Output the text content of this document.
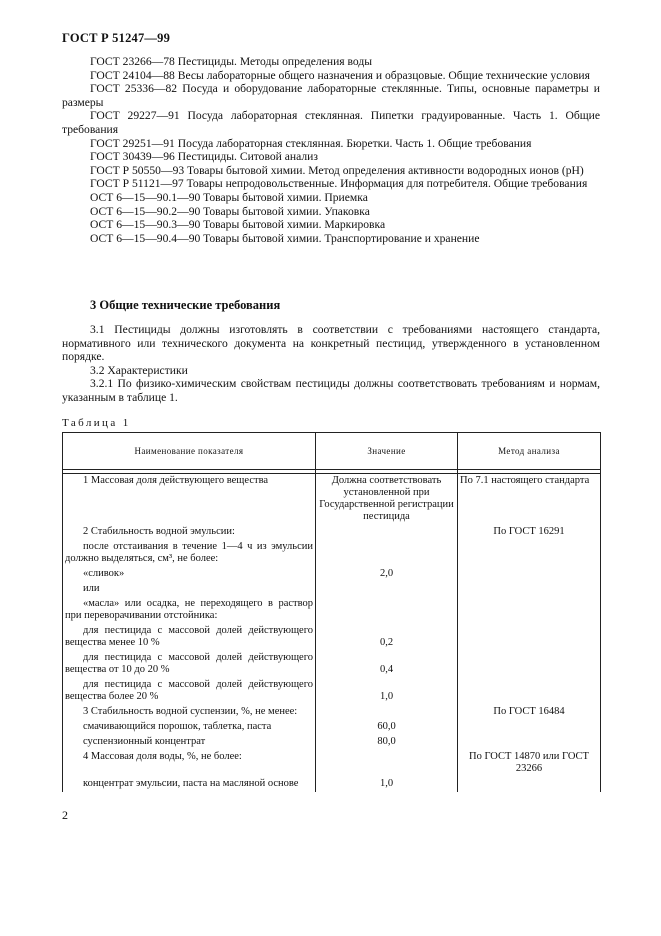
ГОСТ Р 51247—99

ГОСТ 23266—78 Пестициды. Методы определения воды

ГОСТ 24104—88 Весы лабораторные общего назначения и образцовые. Общие технические условия

ГОСТ 25336—82 Посуда и оборудование лабораторные стеклянные. Типы, основные параметры и размеры

ГОСТ 29227—91 Посуда лабораторная стеклянная. Пипетки градуированные. Часть 1. Общие требования

ГОСТ 29251—91 Посуда лабораторная стеклянная. Бюретки. Часть 1. Общие требования

ГОСТ 30439—96 Пестициды. Ситовой анализ

ГОСТ Р 50550—93 Товары бытовой химии. Метод определения активности водородных ионов (pH)

ГОСТ Р 51121—97 Товары непродовольственные. Информация для потребителя. Общие требования

ОСТ 6—15—90.1—90 Товары бытовой химии. Приемка

ОСТ 6—15—90.2—90 Товары бытовой химии. Упаковка

ОСТ 6—15—90.3—90 Товары бытовой химии. Маркировка

ОСТ 6—15—90.4—90 Товары бытовой химии. Транспортирование и хранение

3 Общие технические требования

3.1 Пестициды должны изготовлять в соответствии с требованиями настоящего стандарта, нормативного или технического документа на конкретный пестицид, утвержденного в установленном порядке.

3.2 Характеристики

3.2.1 По физико-химическим свойствам пестициды должны соответствовать требованиям и нормам, указанным в таблице 1.

Таблица 1
Наименование показателя	Значение	Метод анализа

1 Массовая доля действующего вещества	Должна соответствовать установленной при Государственной регистрации пестицида	По 7.1 настоящего стандарта
2 Стабильность водной эмульсии:		По ГОСТ 16291
после отстаивания в течение 1—4 ч из эмульсии должно выделяться, см³, не более:		
«сливок»	2,0	
или		
«масла» или осадка, не переходящего в раствор при переворачивании отстойника:		
для пестицида с массовой долей действующего вещества менее 10 %	0,2	
для пестицида с массовой долей действующего вещества от 10 до 20 %	0,4	
для пестицида с массовой долей действующего вещества более 20 %	1,0	
3 Стабильность водной суспензии, %, не менее:		По ГОСТ 16484
смачивающийся порошок, таблетка, паста	60,0	
суспензионный концентрат	80,0	
4 Массовая доля воды, %, не более:		По ГОСТ 14870 или ГОСТ 23266
концентрат эмульсии, паста на масляной основе	1,0	
2
